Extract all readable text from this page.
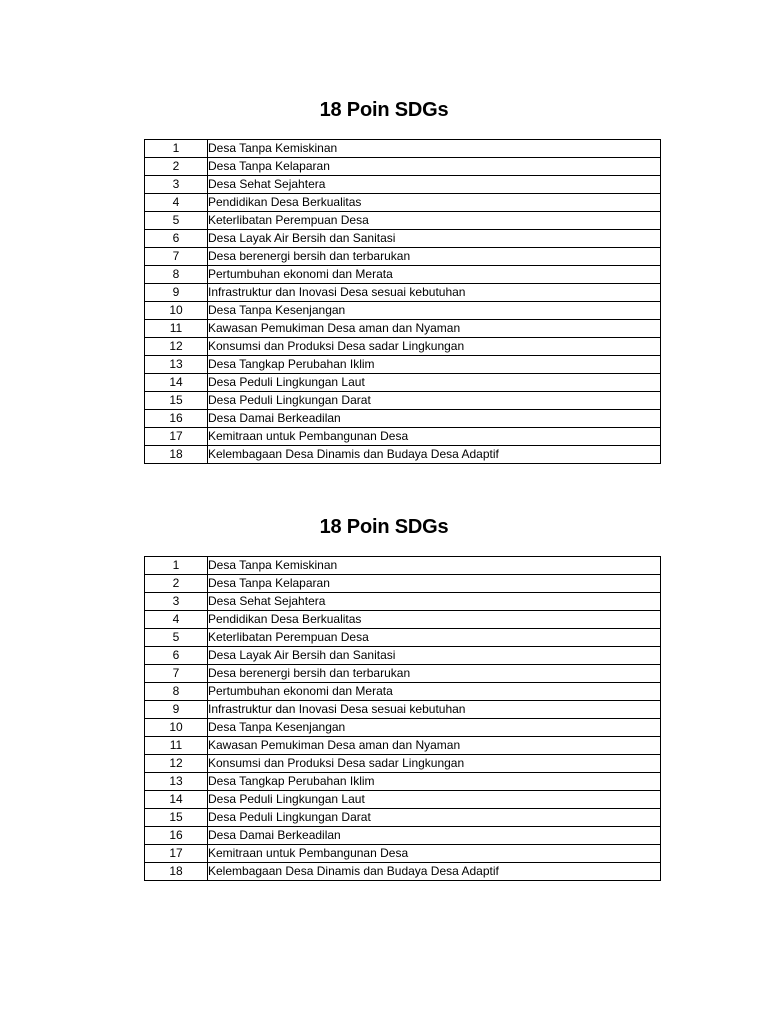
18 Poin SDGs
1	Desa Tanpa Kemiskinan
2	Desa Tanpa Kelaparan
3	Desa Sehat Sejahtera
4	Pendidikan Desa Berkualitas
5	Keterlibatan Perempuan Desa
6	Desa Layak Air Bersih dan Sanitasi
7	Desa berenergi bersih dan terbarukan
8	Pertumbuhan ekonomi dan Merata
9	Infrastruktur dan Inovasi Desa sesuai kebutuhan
10	Desa Tanpa Kesenjangan
11	Kawasan Pemukiman Desa aman dan Nyaman
12	Konsumsi dan Produksi Desa sadar Lingkungan
13	Desa Tangkap Perubahan Iklim
14	Desa Peduli Lingkungan Laut
15	Desa Peduli Lingkungan Darat
16	Desa Damai Berkeadilan
17	Kemitraan untuk Pembangunan Desa
18	Kelembagaan Desa Dinamis dan Budaya Desa Adaptif
18 Poin SDGs
1	Desa Tanpa Kemiskinan
2	Desa Tanpa Kelaparan
3	Desa Sehat Sejahtera
4	Pendidikan Desa Berkualitas
5	Keterlibatan Perempuan Desa
6	Desa Layak Air Bersih dan Sanitasi
7	Desa berenergi bersih dan terbarukan
8	Pertumbuhan ekonomi dan Merata
9	Infrastruktur dan Inovasi Desa sesuai kebutuhan
10	Desa Tanpa Kesenjangan
11	Kawasan Pemukiman Desa aman dan Nyaman
12	Konsumsi dan Produksi Desa sadar Lingkungan
13	Desa Tangkap Perubahan Iklim
14	Desa Peduli Lingkungan Laut
15	Desa Peduli Lingkungan Darat
16	Desa Damai Berkeadilan
17	Kemitraan untuk Pembangunan Desa
18	Kelembagaan Desa Dinamis dan Budaya Desa Adaptif
